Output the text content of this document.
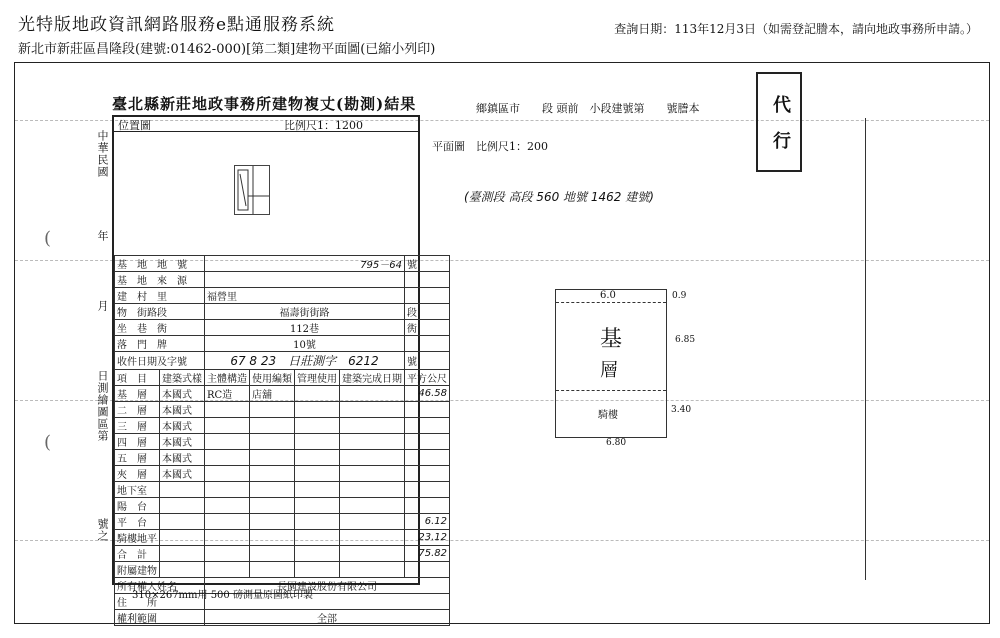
光特版地政資訊網路服務e點通服務系統
新北市新莊區昌隆段(建號:01462-000)[第二類]建物平面圖(已縮小列印)
查詢日期：113年12月3日（如需登記謄本，請向地政事務所申請。）
臺北縣新莊地政事務所建物複丈(勘測)結果
中華民國
年
月
日測繪圖區第
號之
(
(
位置圖	比例尺1：1200
基　地　地　號		795－64				號
基　地　來　源						
建　村　里		福營里				
物　街路段		福壽街街路				段
坐　巷　衖		112巷				衖
落　門　牌		10號				
收件日期及字號		67 8 23　日莊測字　6212				號
項　目	建築式樣	主體構造	使用編類	管理使用	建築完成日期	平方公尺
基　層	本國式	RC造	店舖			46.58
二　層	本國式					
三　層	本國式					
四　層	本國式					
五　層	本國式					
夾　層	本國式					
地下室						
陽　台						
平　台						6.12
騎樓地平						23.12
合　計						75.82
附屬建物						
所有權人姓名		長園建設股份有限公司				
住　　所						
權利範圍		全部				
310×267mm用 500 磅測量原圖紙印製
鄉鎮區市　　段 頭前　小段建號第　　號謄本
平面圖　比例尺1：200
(臺測段 高段 560 地號 1462 建號)
代　行
6.0
基
層
騎樓
0.9
6.85
3.40
6.80
